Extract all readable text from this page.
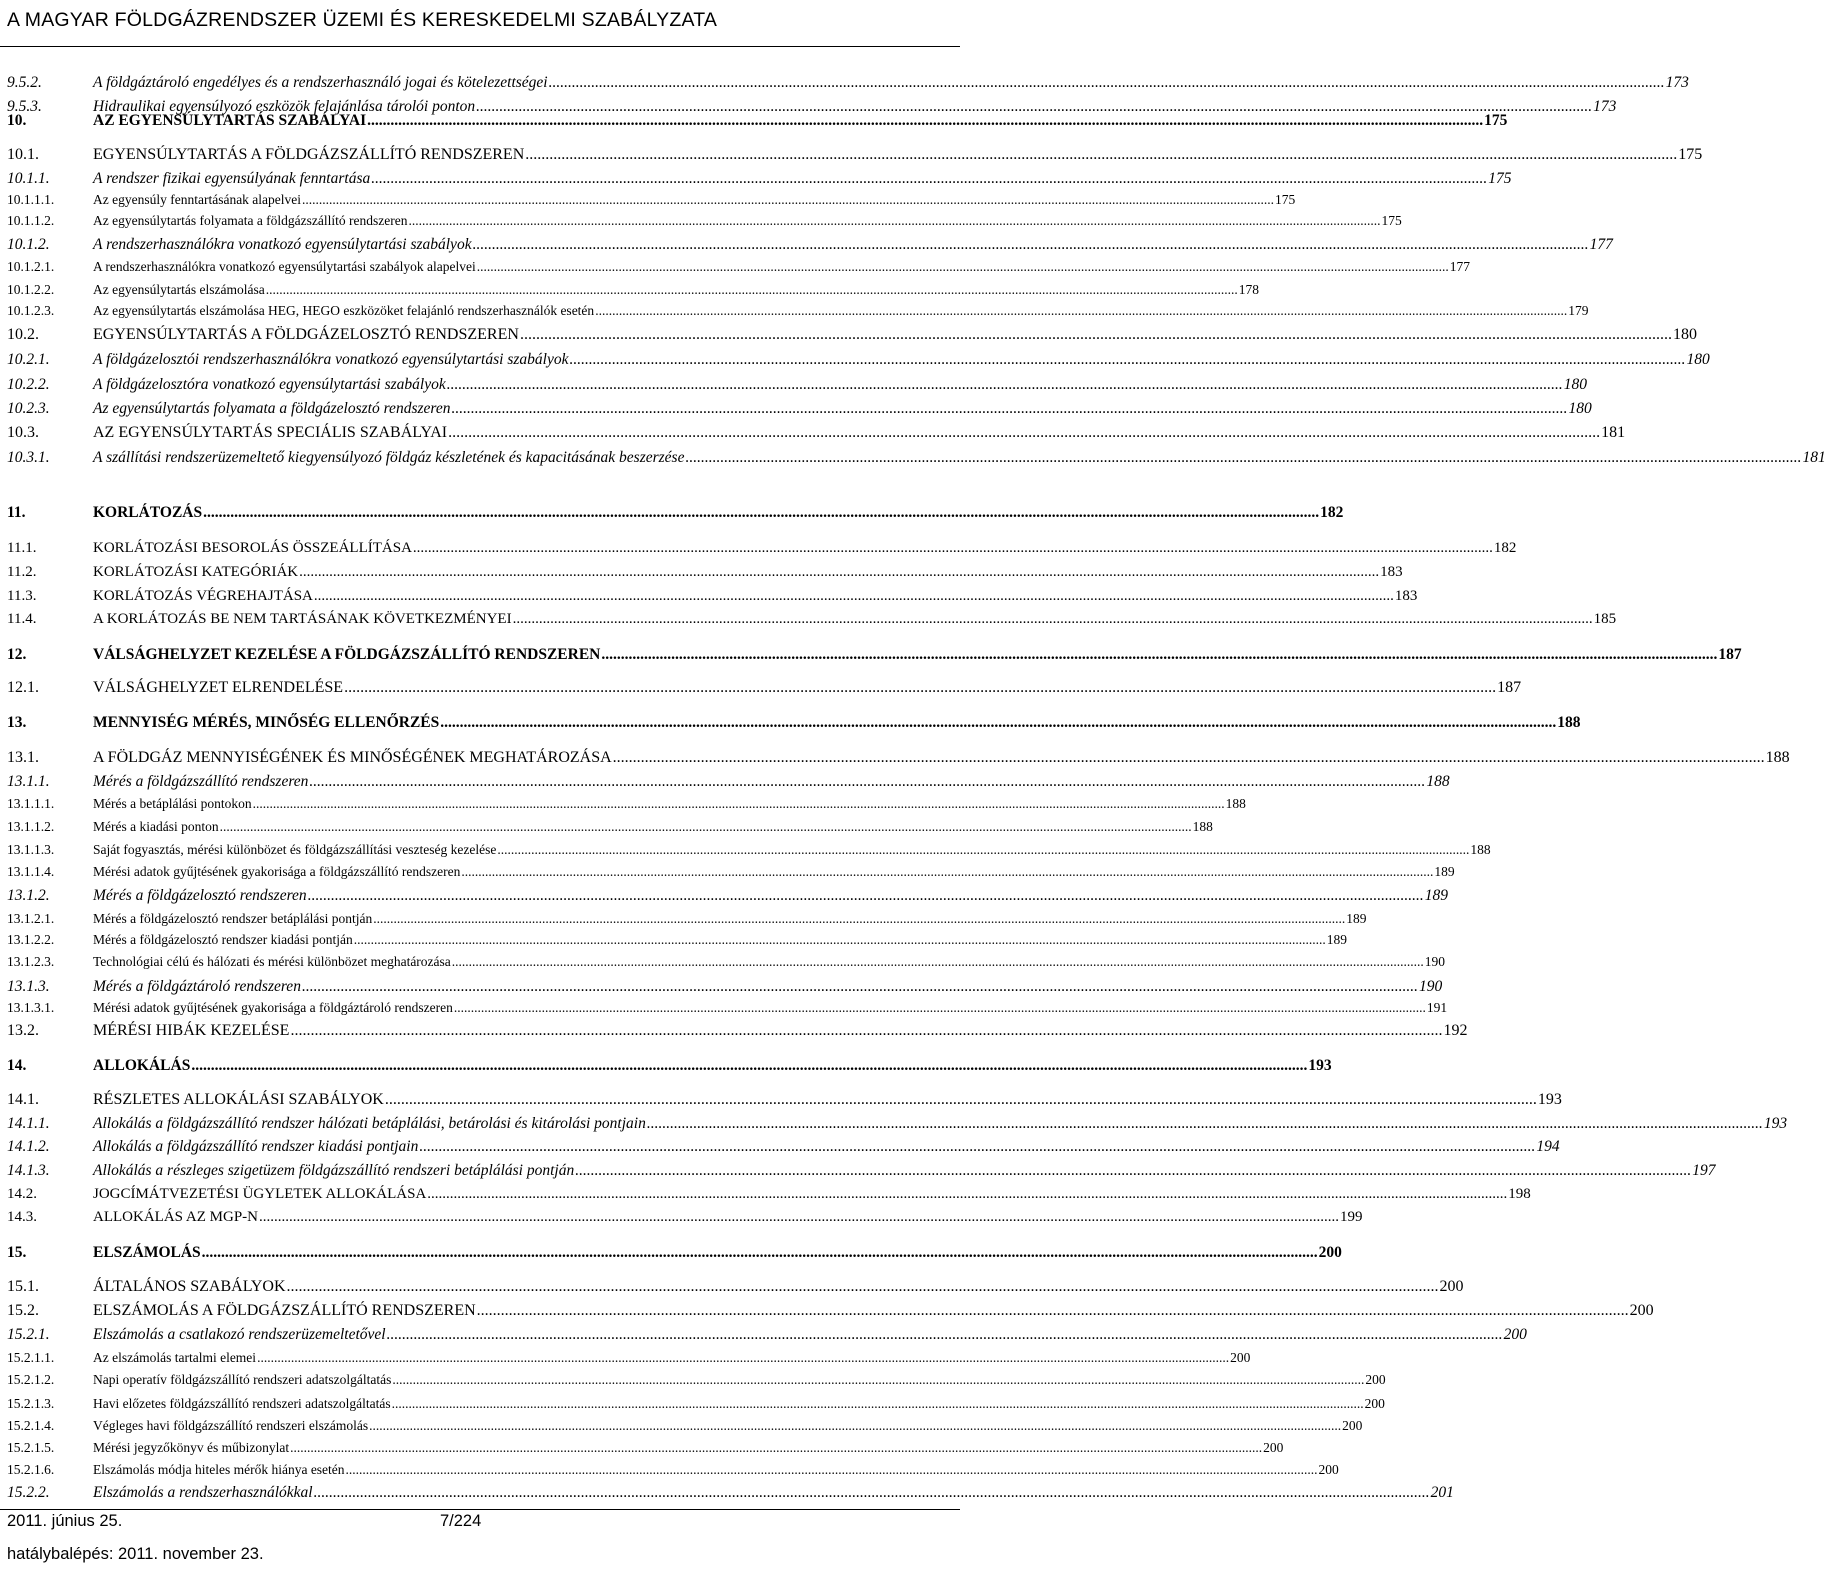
A MAGYAR FÖLDGÁZRENDSZER ÜZEMI ÉS KERESKEDELMI SZABÁLYZATA
9.5.2.	A földgáztároló engedélyes és a rendszerhasználó jogai és kötelezettségei .....	173
9.5.3.	Hidraulikai egyensúlyozó eszközök felajánlása tárolói ponton .....	173
10.	AZ EGYENSÚLYTARTÁS SZABÁLYAI .....	175
10.1.	EGYENSÚLYTARTÁS A FÖLDGÁZSZÁLLÍTÓ RENDSZEREN .....	175
10.1.1.	A rendszer fizikai egyensúlyának fenntartása .....	175
10.1.1.1.	Az egyensúly fenntartásának alapelvei .....	175
10.1.1.2.	Az egyensúlytartás folyamata a földgázszállító rendszeren .....	175
10.1.2.	A rendszerhasználókra vonatkozó egyensúlytartási szabályok .....	177
10.1.2.1.	A rendszerhasználókra vonatkozó egyensúlytartási szabályok alapelvei .....	177
10.1.2.2.	Az egyensúlytartás elszámolása .....	178
10.1.2.3.	Az egyensúlytartás elszámolása HEG, HEGO eszközöket felajánló rendszerhasználók esetén .....	179
10.2.	EGYENSÚLYTARTÁS A FÖLDGÁZELOSZTÓ RENDSZEREN .....	180
10.2.1.	A földgázelosztói rendszerhasználókra vonatkozó egyensúlytartási szabályok .....	180
10.2.2.	A földgázelosztóra vonatkozó egyensúlytartási szabályok .....	180
10.2.3.	Az egyensúlytartás folyamata a földgázelosztó rendszeren .....	180
10.3.	AZ EGYENSÚLYTARTÁS SPECIÁLIS SZABÁLYAI .....	181
10.3.1.	A szállítási rendszerüzemeltető kiegyensúlyozó földgáz készletének és kapacitásának beszerzése .....	181
11.	KORLÁTOZÁS .....	182
11.1.	KORLÁTOZÁSI BESOROLÁS ÖSSZEÁLLÍTÁSA .....	182
11.2.	KORLÁTOZÁSI KATEGÓRIÁK .....	183
11.3.	KORLÁTOZÁS VÉGREHAJTÁSA .....	183
11.4.	A KORLÁTOZÁS BE NEM TARTÁSÁNAK KÖVETKEZMÉNYEI .....	185
12.	VÁLSÁGHELYZET KEZELÉSE A FÖLDGÁZSZÁLLÍTÓ RENDSZEREN .....	187
12.1.	VÁLSÁGHELYZET ELRENDELÉSE .....	187
13.	MENNYISÉG MÉRÉS, MINŐSÉG ELLENŐRZÉS .....	188
13.1.	A FÖLDGÁZ MENNYISÉGÉNEK ÉS MINŐSÉGÉNEK MEGHATÁROZÁSA .....	188
13.1.1.	Mérés a földgázszállító rendszeren .....	188
13.1.1.1.	Mérés a betáplálási pontokon .....	188
13.1.1.2.	Mérés a kiadási ponton .....	188
13.1.1.3.	Saját fogyasztás, mérési különbözet és földgázszállítási veszteség kezelése .....	188
13.1.1.4.	Mérési adatok gyűjtésének gyakorisága a földgázszállító rendszeren .....	189
13.1.2.	Mérés a földgázelosztó rendszeren .....	189
13.1.2.1.	Mérés a földgázelosztó rendszer betáplálási pontján .....	189
13.1.2.2.	Mérés a földgázelosztó rendszer kiadási pontján .....	189
13.1.2.3.	Technológiai célú és hálózati és mérési különbözet meghatározása .....	190
13.1.3.	Mérés a földgáztároló rendszeren .....	190
13.1.3.1.	Mérési adatok gyűjtésének gyakorisága a földgáztároló rendszeren .....	191
13.2.	MÉRÉSI HIBÁK KEZELÉSE .....	192
14.	ALLOKÁLÁS .....	193
14.1.	RÉSZLETES ALLOKÁLÁSI SZABÁLYOK .....	193
14.1.1.	Allokálás a földgázszállító rendszer hálózati betáplálási, betárolási és kitárolási pontjain .....	193
14.1.2.	Allokálás a földgázszállító rendszer kiadási pontjain .....	194
14.1.3.	Allokálás a részleges szigetüzem földgázszállító rendszeri betáplálási pontján .....	197
14.2.	JOGCÍMÁTVEZETÉSI ÜGYLETEK ALLOKÁLÁSA .....	198
14.3.	ALLOKÁLÁS AZ MGP-N .....	199
15.	ELSZÁMOLÁS .....	200
15.1.	ÁLTALÁNOS SZABÁLYOK .....	200
15.2.	ELSZÁMOLÁS A FÖLDGÁZSZÁLLÍTÓ RENDSZEREN .....	200
15.2.1.	Elszámolás a csatlakozó rendszerüzemeltetővel .....	200
15.2.1.1.	Az elszámolás tartalmi elemei .....	200
15.2.1.2.	Napi operatív földgázszállító rendszeri adatszolgáltatás .....	200
15.2.1.3.	Havi előzetes földgázszállító rendszeri adatszolgáltatás .....	200
15.2.1.4.	Végleges havi földgázszállító rendszeri elszámolás .....	200
15.2.1.5.	Mérési jegyzőkönyv és műbizonylat .....	200
15.2.1.6.	Elszámolás módja hiteles mérők hiánya esetén .....	200
15.2.2.	Elszámolás a rendszerhasználókkal .....	201
2011. június 25.	7/224
hatálybalépés: 2011. november 23.
